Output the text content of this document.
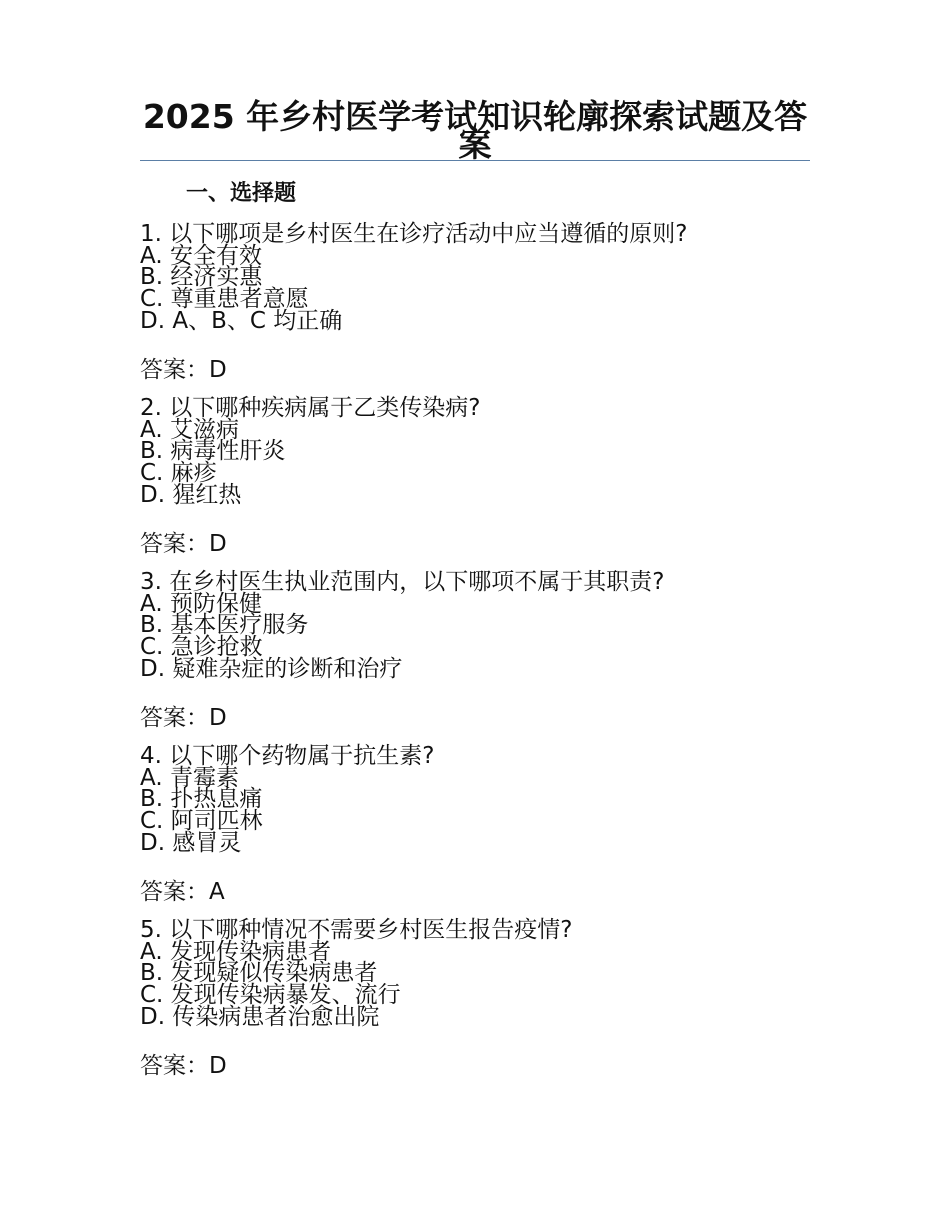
2025 年乡村医学考试知识轮廓探索试题及答案
一、选择题
1. 以下哪项是乡村医生在诊疗活动中应当遵循的原则?
A. 安全有效
B. 经济实惠
C. 尊重患者意愿
D. A、B、C 均正确
答案：D
2. 以下哪种疾病属于乙类传染病?
A. 艾滋病
B. 病毒性肝炎
C. 麻疹
D. 猩红热
答案：D
3. 在乡村医生执业范围内，以下哪项不属于其职责?
A. 预防保健
B. 基本医疗服务
C. 急诊抢救
D. 疑难杂症的诊断和治疗
答案：D
4. 以下哪个药物属于抗生素?
A. 青霉素
B. 扑热息痛
C. 阿司匹林
D. 感冒灵
答案：A
5. 以下哪种情况不需要乡村医生报告疫情?
A. 发现传染病患者
B. 发现疑似传染病患者
C. 发现传染病暴发、流行
D. 传染病患者治愈出院
答案：D
